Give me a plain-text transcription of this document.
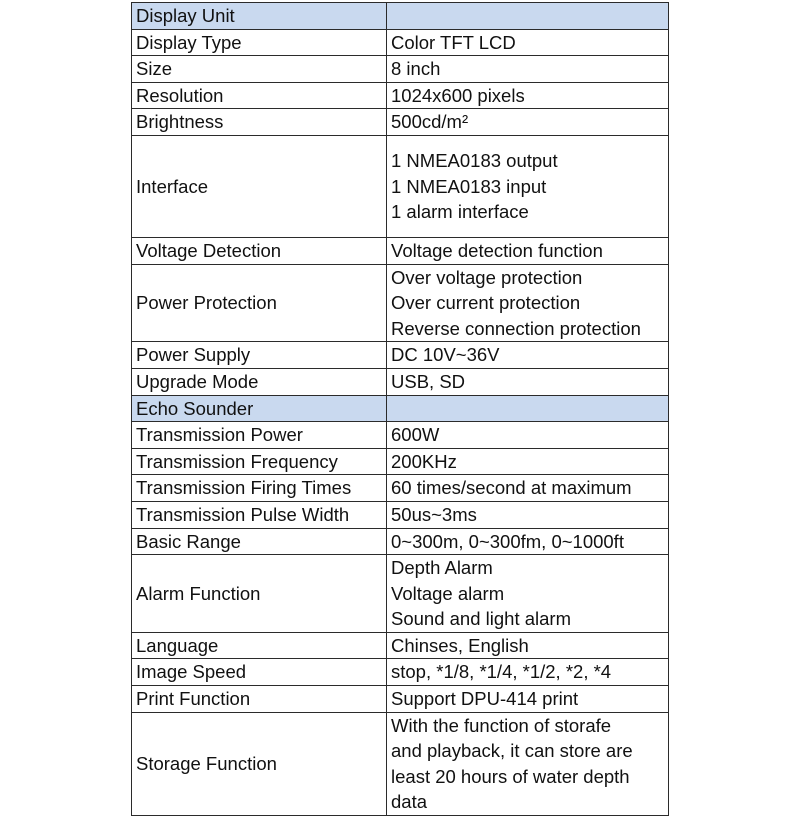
Display Unit	
Display Type	Color TFT LCD
Size	8 inch
Resolution	1024x600 pixels
Brightness	500cd/m²
Interface	1 NMEA0183 output
1 NMEA0183 input
1 alarm interface

Voltage Detection	Voltage detection function
Power Protection	Over voltage protection
Over current protection
Reverse connection protection

Power Supply	DC 10V~36V
Upgrade Mode	USB, SD
Echo Sounder	
Transmission Power	600W
Transmission Frequency	200KHz
Transmission Firing Times	60 times/second at maximum
Transmission Pulse Width	50us~3ms
Basic Range	0~300m, 0~300fm, 0~1000ft
Alarm Function	Depth Alarm
Voltage alarm
Sound and light alarm

Language	Chinses, English
Image Speed	stop, *1/8, *1/4, *1/2, *2, *4
Print Function	Support DPU-414 print
Storage Function	With the function of storafe
and playback, it can store are
least 20 hours of water depth
data
